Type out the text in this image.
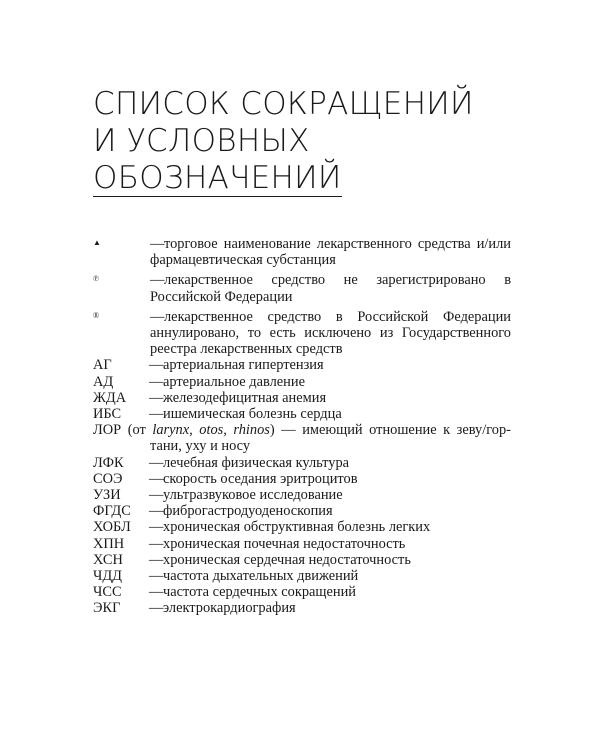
СПИСОК СОКРАЩЕНИЙ
И УСЛОВНЫХ
ОБОЗНАЧЕНИЙ
▲	—торговое наименование лекарственного средства и/или фармацевтическая субстанция
℗	—лекарственное средство не зарегистрировано в Российской Федерации
®	—лекарственное средство в Российской Федерации аннулировано, то есть исключено из Государственного реестра лекарственных средств
АГ	—артериальная гипертензия
АД	—артериальное давление
ЖДА	—железодефицитная анемия
ИБС	—ишемическая болезнь сердца
ЛОР (от larynx, otos, rhinos) — имеющий отношение к зеву/гор-
тани, уху и носу
ЛФК	—лечебная физическая культура
СОЭ	—скорость оседания эритроцитов
УЗИ	—ультразвуковое исследование
ФГДС	—фиброгастродуоденоскопия
ХОБЛ	—хроническая обструктивная болезнь легких
ХПН	—хроническая почечная недостаточность
ХСН	—хроническая сердечная недостаточность
ЧДД	—частота дыхательных движений
ЧСС	—частота сердечных сокращений
ЭКГ	—электрокардиография
